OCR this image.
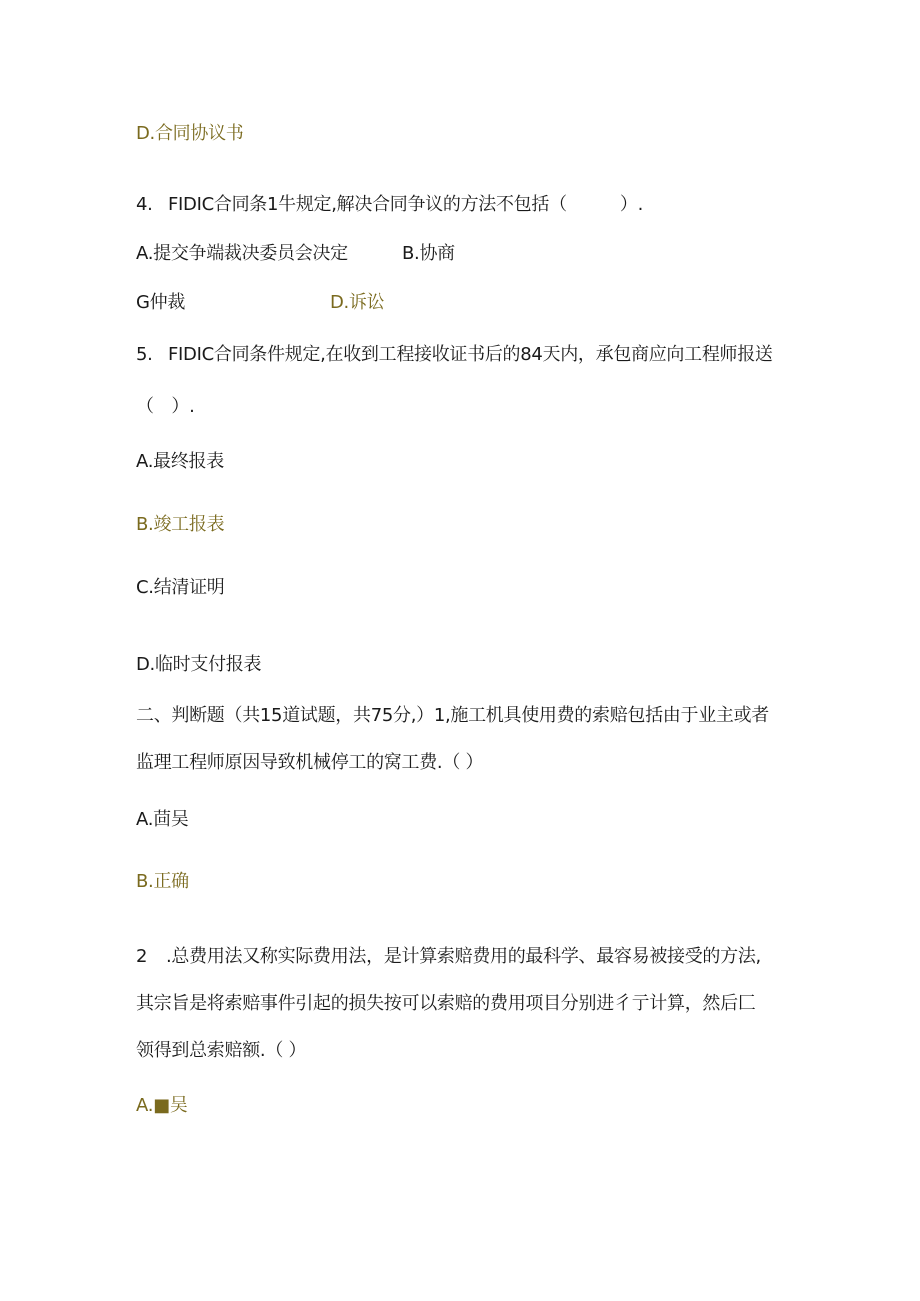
D.合同协议书
4. FIDIC合同条1牛规定,解决合同争议的方法不包括（　　　）.
A.提交争端裁决委员会决定	B.协商
G仲裁	D.诉讼
5. FIDIC合同条件规定,在收到工程接收证书后的84天内，承包商应向工程师报送
（　）.
A.最终报表
B.竣工报表
C.结清证明
D.临时支付报表
二、判断题（共15道试题，共75分,）1,施工机具使用费的索赔包括由于业主或者
监理工程师原因导致机械停工的窝工费.（ ）
A.茴吴
B.正确
2 .总费用法又称实际费用法，是计算索赔费用的最科学、最容易被接受的方法,
其宗旨是将索赔事件引起的损失按可以索赔的费用项目分别进彳亍计算，然后匚
领得到总索赔额.（ ）
A.■吴
